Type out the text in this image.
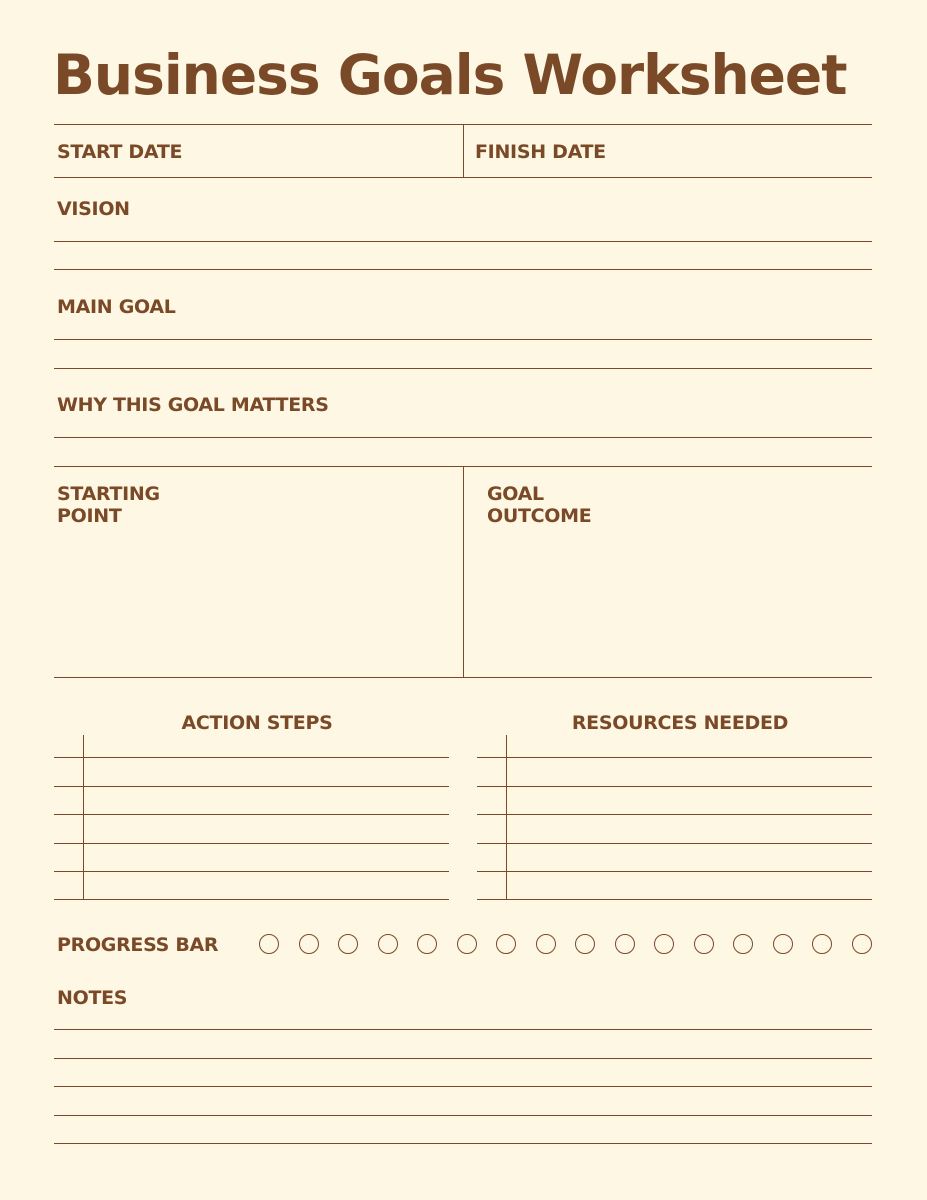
Business Goals Worksheet
START DATE	FINISH DATE
VISION
MAIN GOAL
WHY THIS GOAL MATTERS
STARTING
POINT
GOAL
OUTCOME
ACTION STEPS	RESOURCES NEEDED
PROGRESS BAR
NOTES
